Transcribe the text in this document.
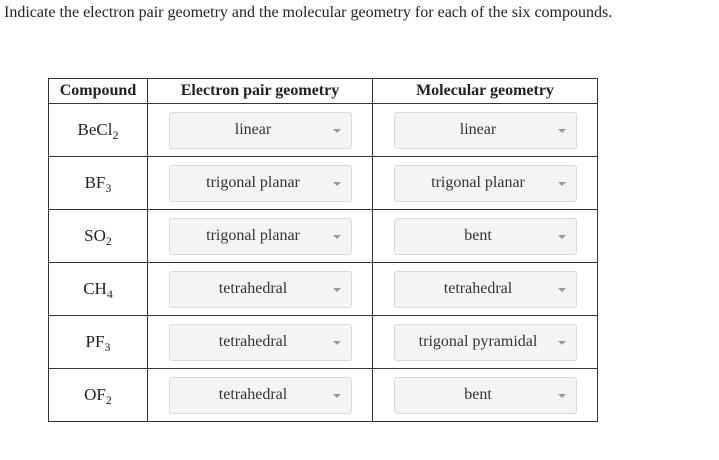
Indicate the electron pair geometry and the molecular geometry for each of the six compounds.
Compound	Electron pair geometry	Molecular geometry
BeCl$_2$	linear	linear

$BF_3$	trigonal planar	trigonal planar

$SO_2$	trigonal planar	bent

$CH_4$	tetrahedral	tetrahedral

$PF_3$	tetrahedral	trigonal pyramidal

$OF_2$	tetrahedral	bent
